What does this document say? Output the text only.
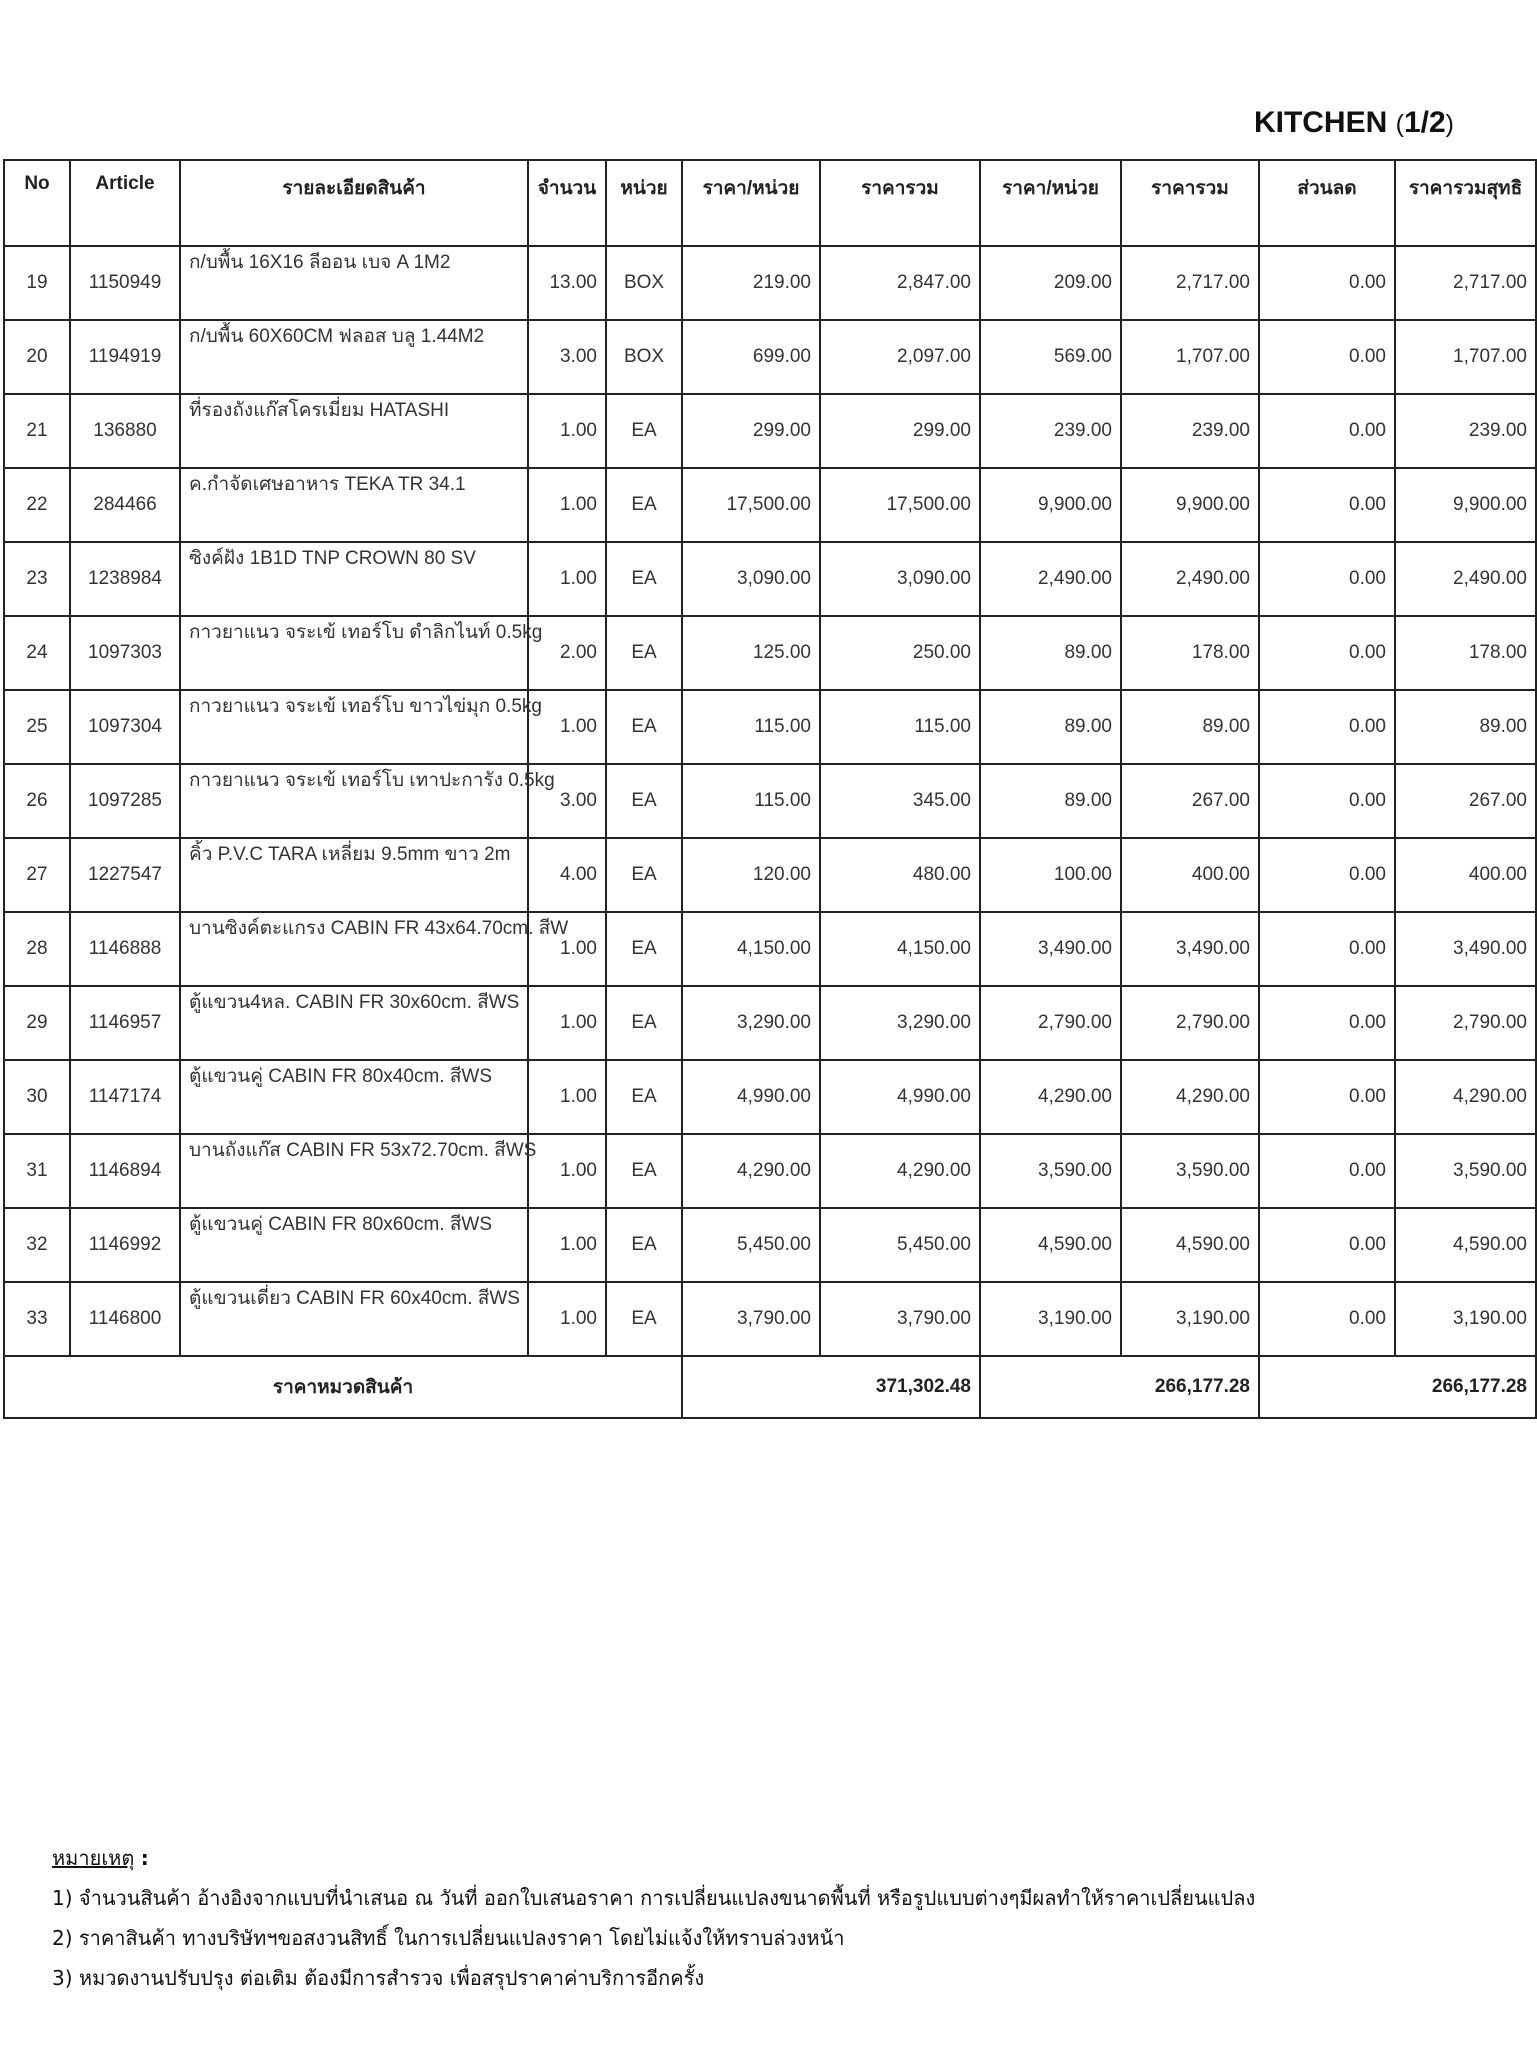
KITCHEN (1/2)
No	Article	รายละเอียดสินค้า	จำนวน	หน่วย	ราคา/หน่วย	ราคารวม	ราคา/หน่วย	ราคารวม	ส่วนลด	ราคารวมสุทธิ
19	1150949	ก/บพื้น 16X16 ลีออน เบจ A 1M2	13.00	BOX	219.00	2,847.00	209.00	2,717.00	0.00	2,717.00
20	1194919	ก/บพื้น 60X60CM ฟลอส บลู 1.44M2	3.00	BOX	699.00	2,097.00	569.00	1,707.00	0.00	1,707.00
21	136880	ที่รองถังแก๊สโครเมี่ยม HATASHI	1.00	EA	299.00	299.00	239.00	239.00	0.00	239.00
22	284466	ค.กำจัดเศษอาหาร TEKA TR 34.1	1.00	EA	17,500.00	17,500.00	9,900.00	9,900.00	0.00	9,900.00
23	1238984	ซิงค์ฝัง 1B1D TNP CROWN 80 SV	1.00	EA	3,090.00	3,090.00	2,490.00	2,490.00	0.00	2,490.00
24	1097303	กาวยาแนว จระเข้ เทอร์โบ ดำลิกไนท์ 0.5kg	2.00	EA	125.00	250.00	89.00	178.00	0.00	178.00
25	1097304	กาวยาแนว จระเข้ เทอร์โบ ขาวไข่มุก 0.5kg	1.00	EA	115.00	115.00	89.00	89.00	0.00	89.00
26	1097285	กาวยาแนว จระเข้ เทอร์โบ เทาปะการัง 0.5kg	3.00	EA	115.00	345.00	89.00	267.00	0.00	267.00
27	1227547	คิ้ว P.V.C TARA เหลี่ยม 9.5mm ขาว 2m	4.00	EA	120.00	480.00	100.00	400.00	0.00	400.00
28	1146888	บานซิงค์ตะแกรง CABIN FR 43x64.70cm. สีW	1.00	EA	4,150.00	4,150.00	3,490.00	3,490.00	0.00	3,490.00
29	1146957	ตู้แขวน4หล. CABIN FR 30x60cm. สีWS	1.00	EA	3,290.00	3,290.00	2,790.00	2,790.00	0.00	2,790.00
30	1147174	ตู้แขวนคู่ CABIN FR 80x40cm. สีWS	1.00	EA	4,990.00	4,990.00	4,290.00	4,290.00	0.00	4,290.00
31	1146894	บานถังแก๊ส CABIN FR 53x72.70cm. สีWS	1.00	EA	4,290.00	4,290.00	3,590.00	3,590.00	0.00	3,590.00
32	1146992	ตู้แขวนคู่ CABIN FR 80x60cm. สีWS	1.00	EA	5,450.00	5,450.00	4,590.00	4,590.00	0.00	4,590.00
33	1146800	ตู้แขวนเดี่ยว CABIN FR 60x40cm. สีWS	1.00	EA	3,790.00	3,790.00	3,190.00	3,190.00	0.00	3,190.00
ราคาหมวดสินค้า					371,302.48		266,177.28		266,177.28	
หมายเหตุ :
1) จำนวนสินค้า อ้างอิงจากแบบที่นำเสนอ ณ วันที่ ออกใบเสนอราคา การเปลี่ยนแปลงขนาดพื้นที่ หรือรูปแบบต่างๆมีผลทำให้ราคาเปลี่ยนแปลง
2) ราคาสินค้า ทางบริษัทฯขอสงวนสิทธิ์ ในการเปลี่ยนแปลงราคา โดยไม่แจ้งให้ทราบล่วงหน้า
3) หมวดงานปรับปรุง ต่อเติม ต้องมีการสำรวจ เพื่อสรุปราคาค่าบริการอีกครั้ง
